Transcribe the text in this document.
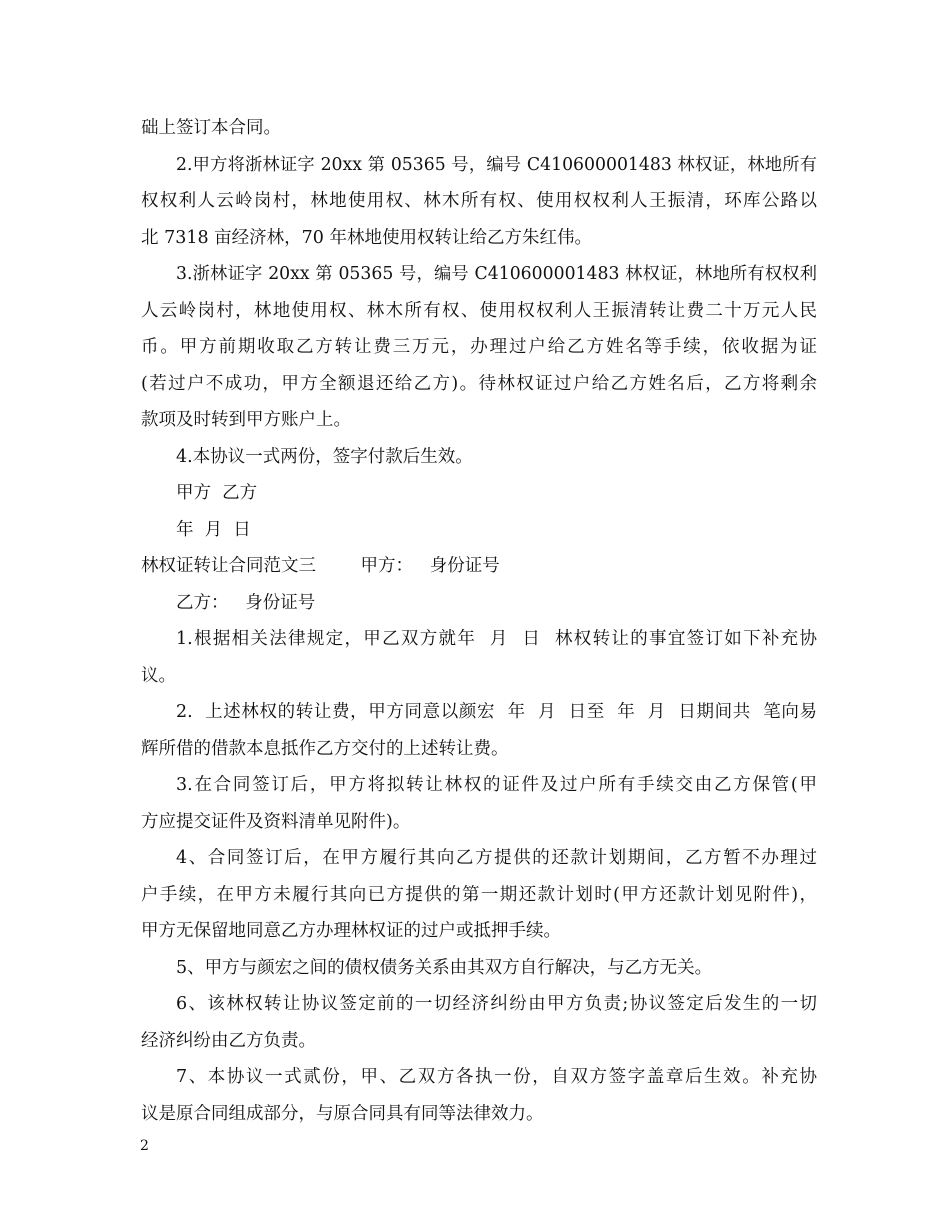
础上签订本合同。
2.甲方将浙林证字 20xx 第 05365 号，编号 C410600001483 林权证，林地所有
权权利人云岭岗村，林地使用权、林木所有权、使用权权利人王振清，环库公路以
北 7318 亩经济林，70 年林地使用权转让给乙方朱红伟。
3.浙林证字 20xx 第 05365 号，编号 C410600001483 林权证，林地所有权权利
人云岭岗村，林地使用权、林木所有权、使用权权利人王振清转让费二十万元人民
币。甲方前期收取乙方转让费三万元，办理过户给乙方姓名等手续，依收据为证
(若过户不成功，甲方全额退还给乙方)。待林权证过户给乙方姓名后，乙方将剩余
款项及时转到甲方账户上。
4.本协议一式两份，签字付款后生效。
甲方  乙方
年  月  日
林权证转让合同范文三        甲方：   身份证号
乙方：   身份证号
1.根据相关法律规定，甲乙双方就年  月  日  林权转让的事宜签订如下补充协
议。
2.  上述林权的转让费，甲方同意以颜宏  年  月  日至  年  月  日期间共  笔向易
辉所借的借款本息抵作乙方交付的上述转让费。
3.在合同签订后，甲方将拟转让林权的证件及过户所有手续交由乙方保管(甲
方应提交证件及资料清单见附件)。
4、合同签订后，在甲方履行其向乙方提供的还款计划期间，乙方暂不办理过
户手续，在甲方未履行其向已方提供的第一期还款计划时(甲方还款计划见附件)，
甲方无保留地同意乙方办理林权证的过户或抵押手续。
5、甲方与颜宏之间的债权债务关系由其双方自行解决，与乙方无关。
6、该林权转让协议签定前的一切经济纠纷由甲方负责;协议签定后发生的一切
经济纠纷由乙方负责。
7、本协议一式贰份，甲、乙双方各执一份，自双方签字盖章后生效。补充协
议是原合同组成部分，与原合同具有同等法律效力。
2
